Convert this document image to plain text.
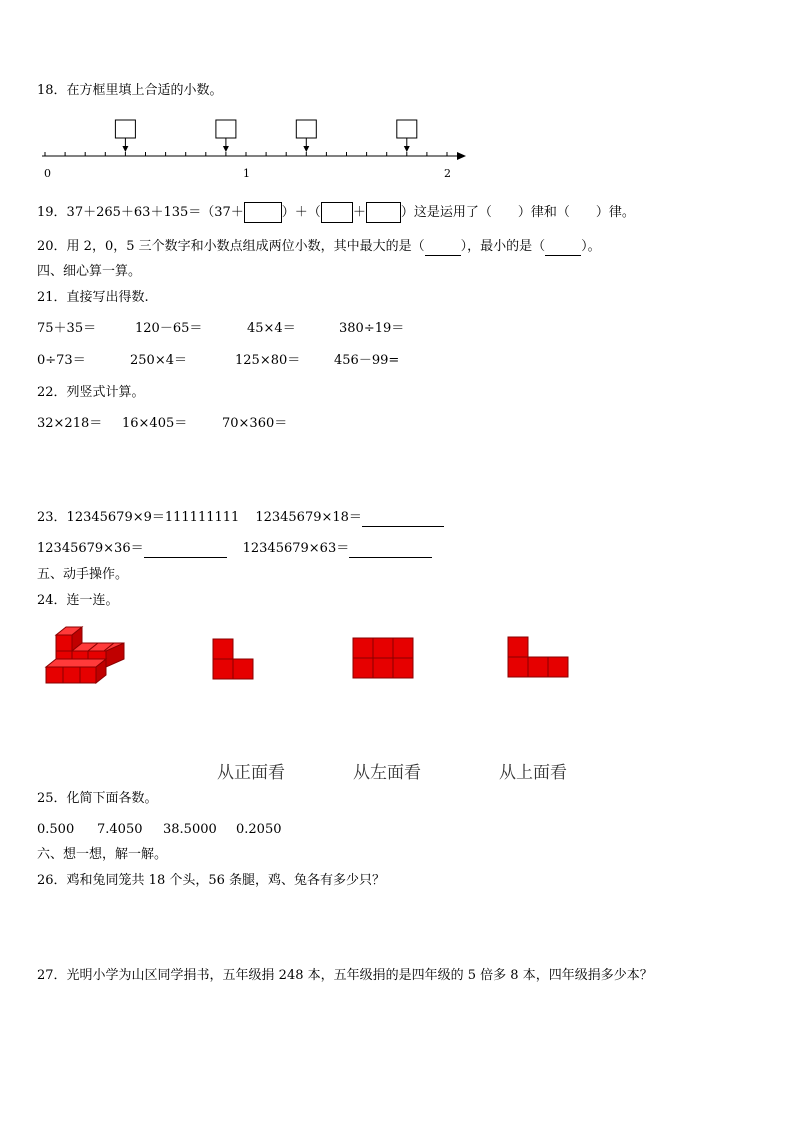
18．在方框里填上合适的小数。
0	1	2
19．37＋265＋63＋135＝（37＋	）＋（ ＋	）这是运用了（ ）律和（ ）律。
20．用 2，0，5 三个数字和小数点组成两位小数，其中最大的是（	），最小的是（	）。
四、细心算一算。
21．直接写出得数.
75＋35＝	120－65＝	45×4＝	380÷19＝
0÷73＝	250×4＝	125×80＝	456－99=
22．列竖式计算。
32×218＝ 16×405＝	70×360＝
23．12345679×9＝111111111 12345679×18＝
12345679×36＝	12345679×63＝
五、动手操作。
24．连一连。
从正面看	从左面看	从上面看
25．化简下面各数。
0.500 7.4050 38.5000 0.2050
六、想一想，解一解。
26．鸡和兔同笼共 18 个头，56 条腿，鸡、兔各有多少只？
27．光明小学为山区同学捐书，五年级捐 248 本，五年级捐的是四年级的 5 倍多 8 本，四年级捐多少本？
